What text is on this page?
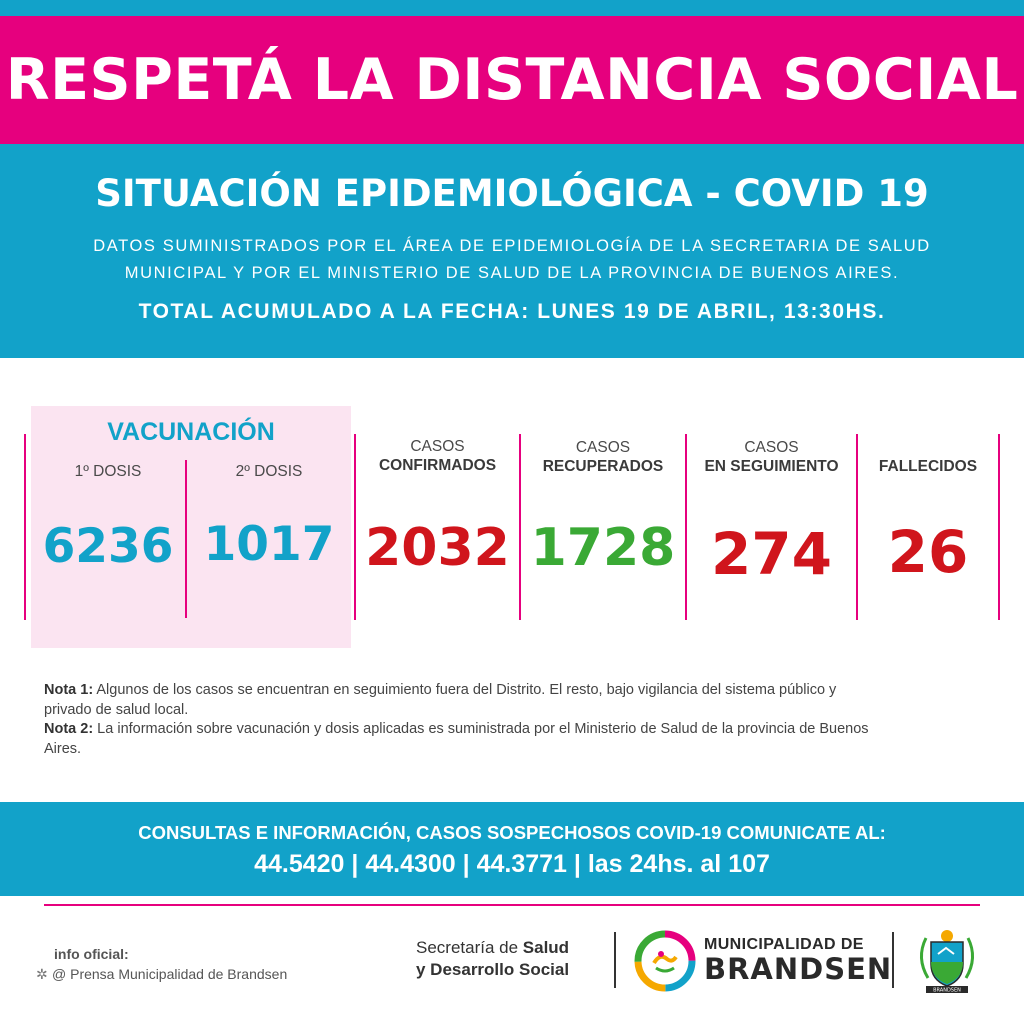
RESPETÁ LA DISTANCIA SOCIAL
SITUACIÓN EPIDEMIOLÓGICA - COVID 19
DATOS SUMINISTRADOS POR EL ÁREA DE EPIDEMIOLOGÍA DE LA SECRETARIA DE SALUD
MUNICIPAL Y POR EL MINISTERIO DE SALUD DE LA PROVINCIA DE BUENOS AIRES.
TOTAL ACUMULADO A LA FECHA: LUNES 19 DE ABRIL, 13:30HS.
VACUNACIÓN
1º DOSIS	2º DOSIS
6236 1017
CASOS
CONFIRMADOS
2032
CASOS
RECUPERADOS
1728
CASOS
EN SEGUIMIENTO
274
FALLECIDOS
26
Nota 1: Algunos de los casos se encuentran en seguimiento fuera del Distrito. El resto, bajo vigilancia del sistema público y privado de salud local.
Nota 2: La información sobre vacunación y dosis aplicadas es suministrada por el Ministerio de Salud de la provincia de Buenos Aires.
CONSULTAS E INFORMACIÓN, CASOS SOSPECHOSOS COVID-19 COMUNICATE AL:
44.5420 | 44.4300 | 44.3771 | las 24hs. al 107
info oficial:
✲ @ Prensa Municipalidad de Brandsen
Secretaría de Salud
y Desarrollo Social
MUNICIPALIDAD DE
BRANDSEN
BRANDSEN
